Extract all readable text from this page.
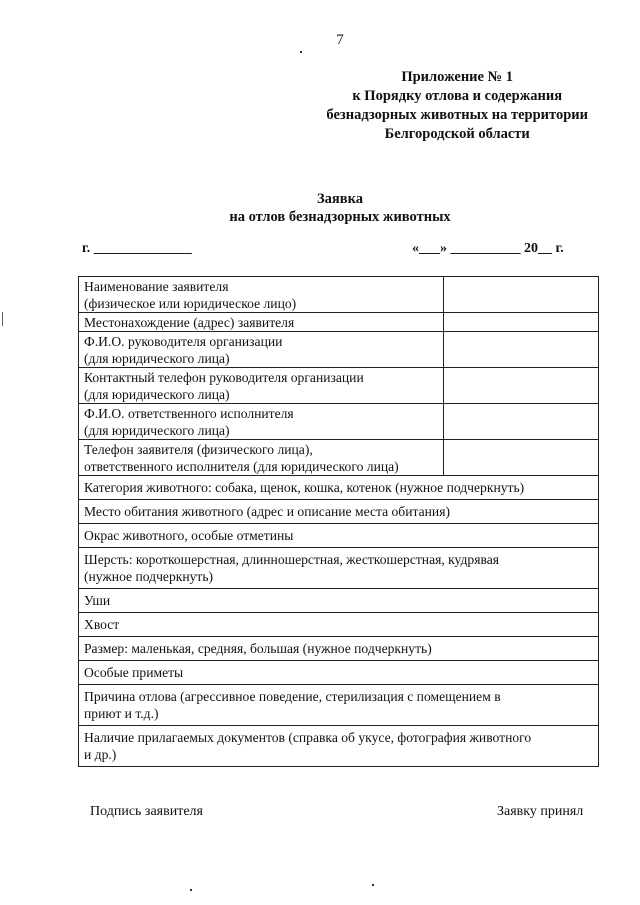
7
Приложение № 1
к Порядку отлова и содержания
безнадзорных животных на территории
Белгородской области
Заявка
на отлов безнадзорных животных
г. ______________	«___» __________ 20__ г.
Наименование заявителя
(физическое или юридическое лицо)	
Местонахождение (адрес) заявителя	
Ф.И.О. руководителя организации
(для юридического лица)	
Контактный телефон руководителя организации
(для юридического лица)	
Ф.И.О. ответственного исполнителя
(для юридического лица)	
Телефон заявителя (физического лица),
ответственного исполнителя (для юридического лица)	
Категория животного: собака, щенок, кошка, котенок (нужное подчеркнуть)	
Место обитания животного (адрес и описание места обитания)	
Окрас животного, особые отметины	
Шерсть: короткошерстная, длинношерстная, жесткошерстная, кудрявая
(нужное подчеркнуть)	
Уши	
Хвост	
Размер: маленькая, средняя, большая (нужное подчеркнуть)	
Особые приметы	
Причина отлова (агрессивное поведение, стерилизация с помещением в
приют и т.д.)	
Наличие прилагаемых документов (справка об укусе, фотография животного
и др.)	
Подпись заявителя	Заявку принял
